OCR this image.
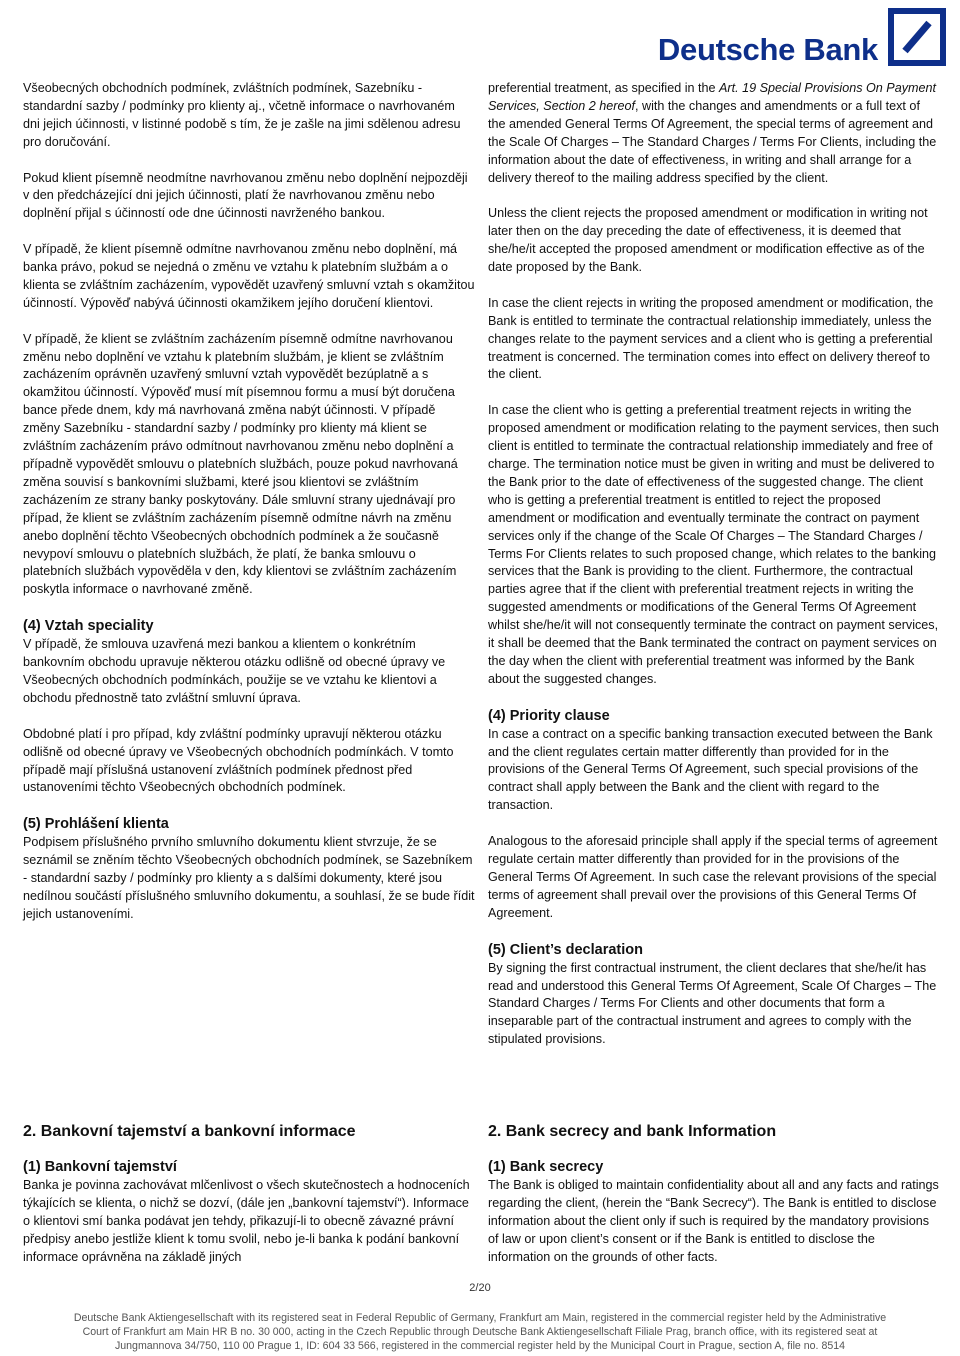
Deutsche Bank

Všeobecných obchodních podmínek, zvláštních podmínek, Sazebníku - standardní sazby / podmínky pro klienty aj., včetně informace o navrhovaném dni jejich účinnosti, v listinné podobě s tím, že je zašle na jimi sdělenou adresu pro doručování.

Pokud klient písemně neodmítne navrhovanou změnu nebo doplnění nejpozději v den předcházející dni jejich účinnosti, platí že navrhovanou změnu nebo doplnění přijal s účinností ode dne účinnosti navrženého bankou.

V případě, že klient písemně odmítne navrhovanou změnu nebo doplnění, má banka právo, pokud se nejedná o změnu ve vztahu k platebním službám a o klienta se zvláštním zacházením, vypovědět uzavřený smluvní vztah s okamžitou účinností. Výpověď nabývá účinnosti okamžikem jejího doručení klientovi.

V případě, že klient se zvláštním zacházením písemně odmítne navrhovanou změnu nebo doplnění ve vztahu k platebním službám, je klient se zvláštním zacházením oprávněn uzavřený smluvní vztah vypovědět bezúplatně a s okamžitou účinností. Výpověď musí mít písemnou formu a musí být doručena bance přede dnem, kdy má navrhovaná změna nabýt účinnosti. V případě změny Sazebníku - standardní sazby / podmínky pro klienty má klient se zvláštním zacházením právo odmítnout navrhovanou změnu nebo doplnění a případně vypovědět smlouvu o platebních službách, pouze pokud navrhovaná změna souvisí s bankovními službami, které jsou klientovi se zvláštním zacházením ze strany banky poskytovány. Dále smluvní strany ujednávají pro případ, že klient se zvláštním zacházením písemně odmítne návrh na změnu anebo doplnění těchto Všeobecných obchodních podmínek a že současně nevypoví smlouvu o platebních službách, že platí, že banka smlouvu o platebních službách vypověděla v den, kdy klientovi se zvláštním zacházením poskytla informace o navrhované změně.

(4) Vztah speciality

V případě, že smlouva uzavřená mezi bankou a klientem o konkrétním bankovním obchodu upravuje některou otázku odlišně od obecné úpravy ve Všeobecných obchodních podmínkách, použije se ve vztahu ke klientovi a obchodu přednostně tato zvláštní smluvní úprava.

Obdobné platí i pro případ, kdy zvláštní podmínky upravují některou otázku odlišně od obecné úpravy ve Všeobecných obchodních podmínkách. V tomto případě mají příslušná ustanovení zvláštních podmínek přednost před ustanoveními těchto Všeobecných obchodních podmínek.

(5) Prohlášení klienta

Podpisem příslušného prvního smluvního dokumentu klient stvrzuje, že se seznámil se zněním těchto Všeobecných obchodních podmínek, se Sazebníkem - standardní sazby / podmínky pro klienty a s dalšími dokumenty, které jsou nedílnou součástí příslušného smluvního dokumentu, a souhlasí, že se bude řídit jejich ustanoveními.

preferential treatment, as specified in the Art. 19 Special Provisions On Payment Services, Section 2 hereof, with the changes and amendments or a full text of the amended General Terms Of Agreement, the special terms of agreement and the Scale Of Charges – The Standard Charges / Terms For Clients, including the information about the date of effectiveness, in writing and shall arrange for a delivery thereof to the mailing address specified by the client.

Unless the client rejects the proposed amendment or modification in writing not later then on the day preceding the date of effectiveness, it is deemed that she/he/it accepted the proposed amendment or modification effective as of the date proposed by the Bank.

In case the client rejects in writing the proposed amendment or modification, the Bank is entitled to terminate the contractual relationship immediately, unless the changes relate to the payment services and a client who is getting a preferential treatment is concerned. The termination comes into effect on delivery thereof to the client.

In case the client who is getting a preferential treatment rejects in writing the proposed amendment or modification relating to the payment services, then such client is entitled to terminate the contractual relationship immediately and free of charge. The termination notice must be given in writing and must be delivered to the Bank prior to the date of effectiveness of the suggested change. The client who is getting a preferential treatment is entitled to reject the proposed amendment or modification and eventually terminate the contract on payment services only if the change of the Scale Of Charges – The Standard Charges / Terms For Clients relates to such proposed change, which relates to the banking services that the Bank is providing to the client. Furthermore, the contractual parties agree that if the client with preferential treatment rejects in writing the suggested amendments or modifications of the General Terms Of Agreement whilst she/he/it will not consequently terminate the contract on payment services, it shall be deemed that the Bank terminated the contract on payment services on the day when the client with preferential treatment was informed by the Bank about the suggested changes.

(4) Priority clause

In case a contract on a specific banking transaction executed between the Bank and the client regulates certain matter differently than provided for in the provisions of the General Terms Of Agreement, such special provisions of the contract shall apply between the Bank and the client with regard to the transaction.

Analogous to the aforesaid principle shall apply if the special terms of agreement regulate certain matter differently than provided for in the provisions of the General Terms Of Agreement. In such case the relevant provisions of the special terms of agreement shall prevail over the provisions of this General Terms Of Agreement.

(5) Client’s declaration

By signing the first contractual instrument, the client declares that she/he/it has read and understood this General Terms Of Agreement, Scale Of Charges – The Standard Charges / Terms For Clients and other documents that form a inseparable part of the contractual instrument and agrees to comply with the stipulated provisions.

2. Bankovní tajemství a bankovní informace
(1) Bankovní tajemství

Banka je povinna zachovávat mlčenlivost o všech skutečnostech a hodnoceních týkajících se klienta, o nichž se dozví, (dále jen „bankovní tajemství“). Informace o klientovi smí banka podávat jen tehdy, přikazují-li to obecně závazné právní předpisy anebo jestliže klient k tomu svolil, nebo je-li banka k podání bankovní informace oprávněna na základě jiných

2. Bank secrecy and bank Information
(1) Bank secrecy

The Bank is obliged to maintain confidentiality about all and any facts and ratings regarding the client, (herein the “Bank Secrecy“). The Bank is entitled to disclose information about the client only if such is required by the mandatory provisions of law or upon client’s consent or if the Bank is entitled to disclose the information on the grounds of other facts.

2/20
Deutsche Bank Aktiengesellschaft with its registered seat in Federal Republic of Germany, Frankfurt am Main, registered in the commercial register held by the Administrative
Court of Frankfurt am Main HR B no. 30 000, acting in the Czech Republic through Deutsche Bank Aktiengesellschaft Filiale Prag, branch office, with its registered seat at
Jungmannova 34/750, 110 00 Prague 1, ID: 604 33 566, registered in the commercial register held by the Municipal Court in Prague, section A, file no. 8514
